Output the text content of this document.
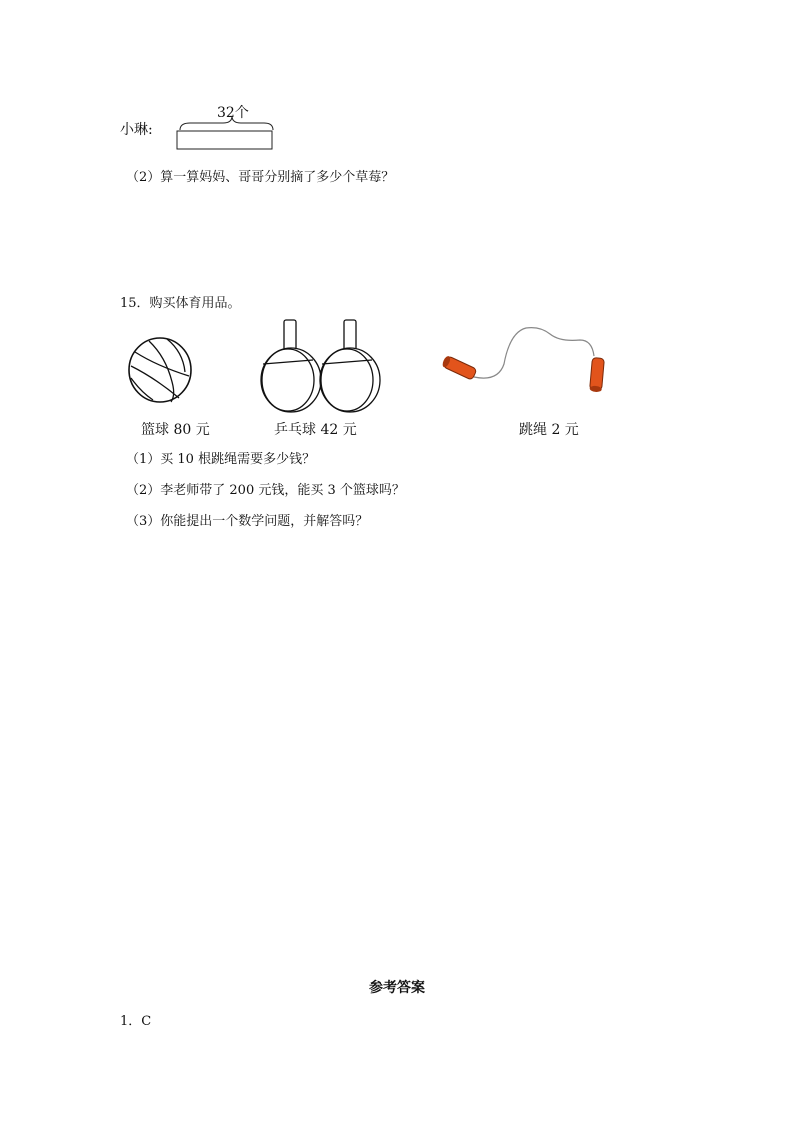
小琳:
32个
（2）算一算妈妈、哥哥分别摘了多少个草莓？
15．购买体育用品。
篮球 80 元	乒乓球 42 元	跳绳 2 元
（1）买 10 根跳绳需要多少钱？
（2）李老师带了 200 元钱，能买 3 个篮球吗？
（3）你能提出一个数学问题，并解答吗？
参考答案
1．C
